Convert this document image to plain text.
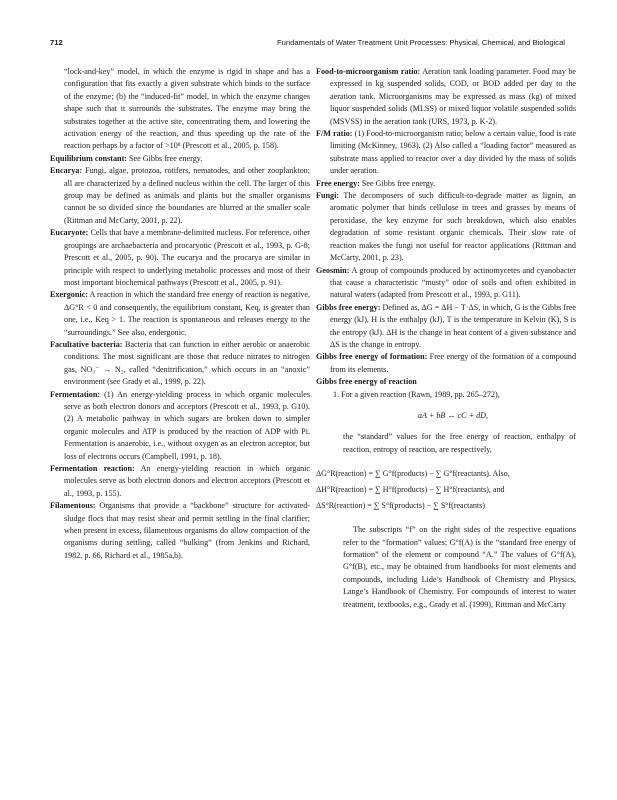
712	Fundamentals of Water Treatment Unit Processes: Physical, Chemical, and Biological

“lock-and-key” model, in which the enzyme is rigid in shape and has a configuration that fits exactly a given substrate which binds to the surface of the enzyme; (b) the “induced-fit” model, in which the enzyme changes shape such that it surrounds the substrates. The enzyme may bring the substrates together at the active site, concentrating them, and lowering the activation energy of the reaction, and thus speeding up the rate of the reaction perhaps by a factor of >10⁸ (Prescott et al., 2005, p. 158).

Equilibrium constant: See Gibbs free energy.

Encarya: Fungi, algae, protozoa, rotifers, nematodes, and other zooplankton; all are characterized by a defined nucleus within the cell. The larger of this group may be defined as animals and plants but the smaller organisms cannot be so divided since the boundaries are blurred at the smaller scale (Rittman and McCarty, 2001, p. 22).

Eucaryote: Cells that have a membrane-delimited nucleus. For reference, other groupings are archaebacteria and procaryotic (Prescott et al., 1993, p. G-8; Prescott et al., 2005, p. 90). The eucarya and the procarya are similar in principle with respect to underlying metabolic processes and most of their most important biochemical pathways (Prescott et al., 2005, p. 91).

Exergonic: A reaction in which the standard free energy of reaction is negative, ΔG°R < 0 and consequently, the equilibrium constant, Keq, is greater than one, i.e., Keq > 1. The reaction is spontaneous and releases energy to the “surroundings.” See also, endergonic.

Facultative bacteria: Bacteria that can function in either aerobic or anaerobic conditions. The most significant are those that reduce nitrates to nitrogen gas, NO₃⁻ → N₂, called “denitrification,” which occurs in an “anoxic” environment (see Grady et al., 1999, p. 22).

Fermentation: (1) An energy-yielding process in which organic molecules serve as both electron donors and acceptors (Prescott et al., 1993, p. G10). (2) A metabolic pathway in which sugars are broken down to simpler organic molecules and ATP is produced by the reaction of ADP with Pi. Fermentation is anaerobic, i.e., without oxygen as an electron acceptor, but loss of electrons occurs (Campbell, 1991, p. 18).

Fermentation reaction: An energy-yielding reaction in which organic molecules serve as both electron donors and electron acceptors (Prescott et al., 1993, p. 155).

Filamentous: Organisms that provide a “backbone” structure for activated-sludge flocs that may resist shear and permit settling in the final clarifier; when present in excess, filamentous organisms do allow compaction of the organisms during settling, called “bulking” (from Jenkins and Richard, 1982, p. 66, Richard et al., 1985a,b).

Food-to-microorganism ratio: Aeration tank loading parameter. Food may be expressed in kg suspended solids, COD, or BOD added per day to the aeration tank. Microorganisms may be expressed as mass (kg) of mixed liquor suspended solids (MLSS) or mixed liquor volatile suspended solids (MSVSS) in the aeration tank (URS, 1973, p. K-2).

F/M ratio: (1) Food-to-microorganism ratio; below a certain value, food is rate limiting (McKinney, 1963). (2) Also called a “loading factor” measured as substrate mass applied to reactor over a day divided by the mass of solids under aeration.

Free energy: See Gibbs free energy.

Fungi: The decomposers of such difficult-to-degrade matter as lignin, an aromatic polymer that binds cellulose in trees and grasses by means of peroxidase, the key enzyme for such breakdown, which also enables degradation of some resistant organic chemicals. Their slow rate of reaction makes the fungi not useful for reactor applications (Rittman and McCarty, 2001, p. 23).

Geosmin: A group of compounds produced by actinomycetes and cyanobacter that cause a characteristic “musty” odor of soils and often exhibited in natural waters (adapted from Prescott et al., 1993, p. G11).

Gibbs free energy: Defined as, ΔG = ΔH − T·ΔS, in which, G is the Gibbs free energy (kJ), H is the enthalpy (kJ), T is the temperature in Kelvin (K), S is the entropy (kJ). ΔH is the change in heat content of a given substance and ΔS is the change in entropy.

Gibbs free energy of formation: Free energy of the formation of a compound from its elements.

Gibbs free energy of reaction

1. For a given reaction (Rawn, 1989, pp. 265–272),

aA + bB ↔ cC + dD,

the “standard” values for the free energy of reaction, enthalpy of reaction, entropy of reaction, are respectively,

ΔG°R(reaction) = ∑ G°f(products) − ∑ G°f(reactants). Also,

ΔH°R(reaction) = ∑ H°f(products) − ∑ H°f(reactants), and

ΔS°R(reaction) = ∑ S°f(products) − ∑ S°f(reactants)

The subscripts “f” on the right sides of the respective equations refer to the “formation” values; G°f(A) is the “standard free energy of formation” of the element or compound “A.” The values of G°f(A), G°f(B), etc., may be obtained from handbooks for most elements and compounds, including Lide’s Handbook of Chemistry and Physics, Lange’s Handbook of Chemistry. For compounds of interest to water treatment, textbooks, e.g., Grady et al. (1999), Rittman and McCarty
